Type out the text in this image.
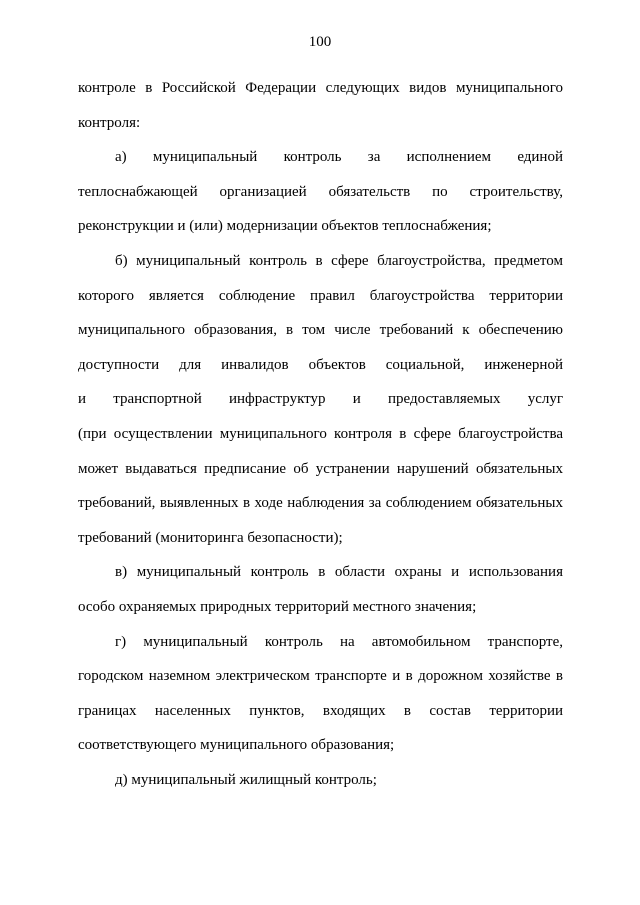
100
контроле в Российской Федерации следующих видов муниципального
контроля:
а) муниципальный контроль за исполнением единой
теплоснабжающей организацией обязательств по строительству,
реконструкции и (или) модернизации объектов теплоснабжения;
б) муниципальный контроль в сфере благоустройства, предметом
которого является соблюдение правил благоустройства территории
муниципального образования, в том числе требований к обеспечению
доступности для инвалидов объектов социальной, инженерной
и транспортной инфраструктур и предоставляемых услуг
(при осуществлении муниципального контроля в сфере благоустройства
может выдаваться предписание об устранении нарушений обязательных
требований, выявленных в ходе наблюдения за соблюдением обязательных
требований (мониторинга безопасности);
в) муниципальный контроль в области охраны и использования
особо охраняемых природных территорий местного значения;
г) муниципальный контроль на автомобильном транспорте,
городском наземном электрическом транспорте и в дорожном хозяйстве в
границах населенных пунктов, входящих в состав территории
соответствующего муниципального образования;
д) муниципальный жилищный контроль;
